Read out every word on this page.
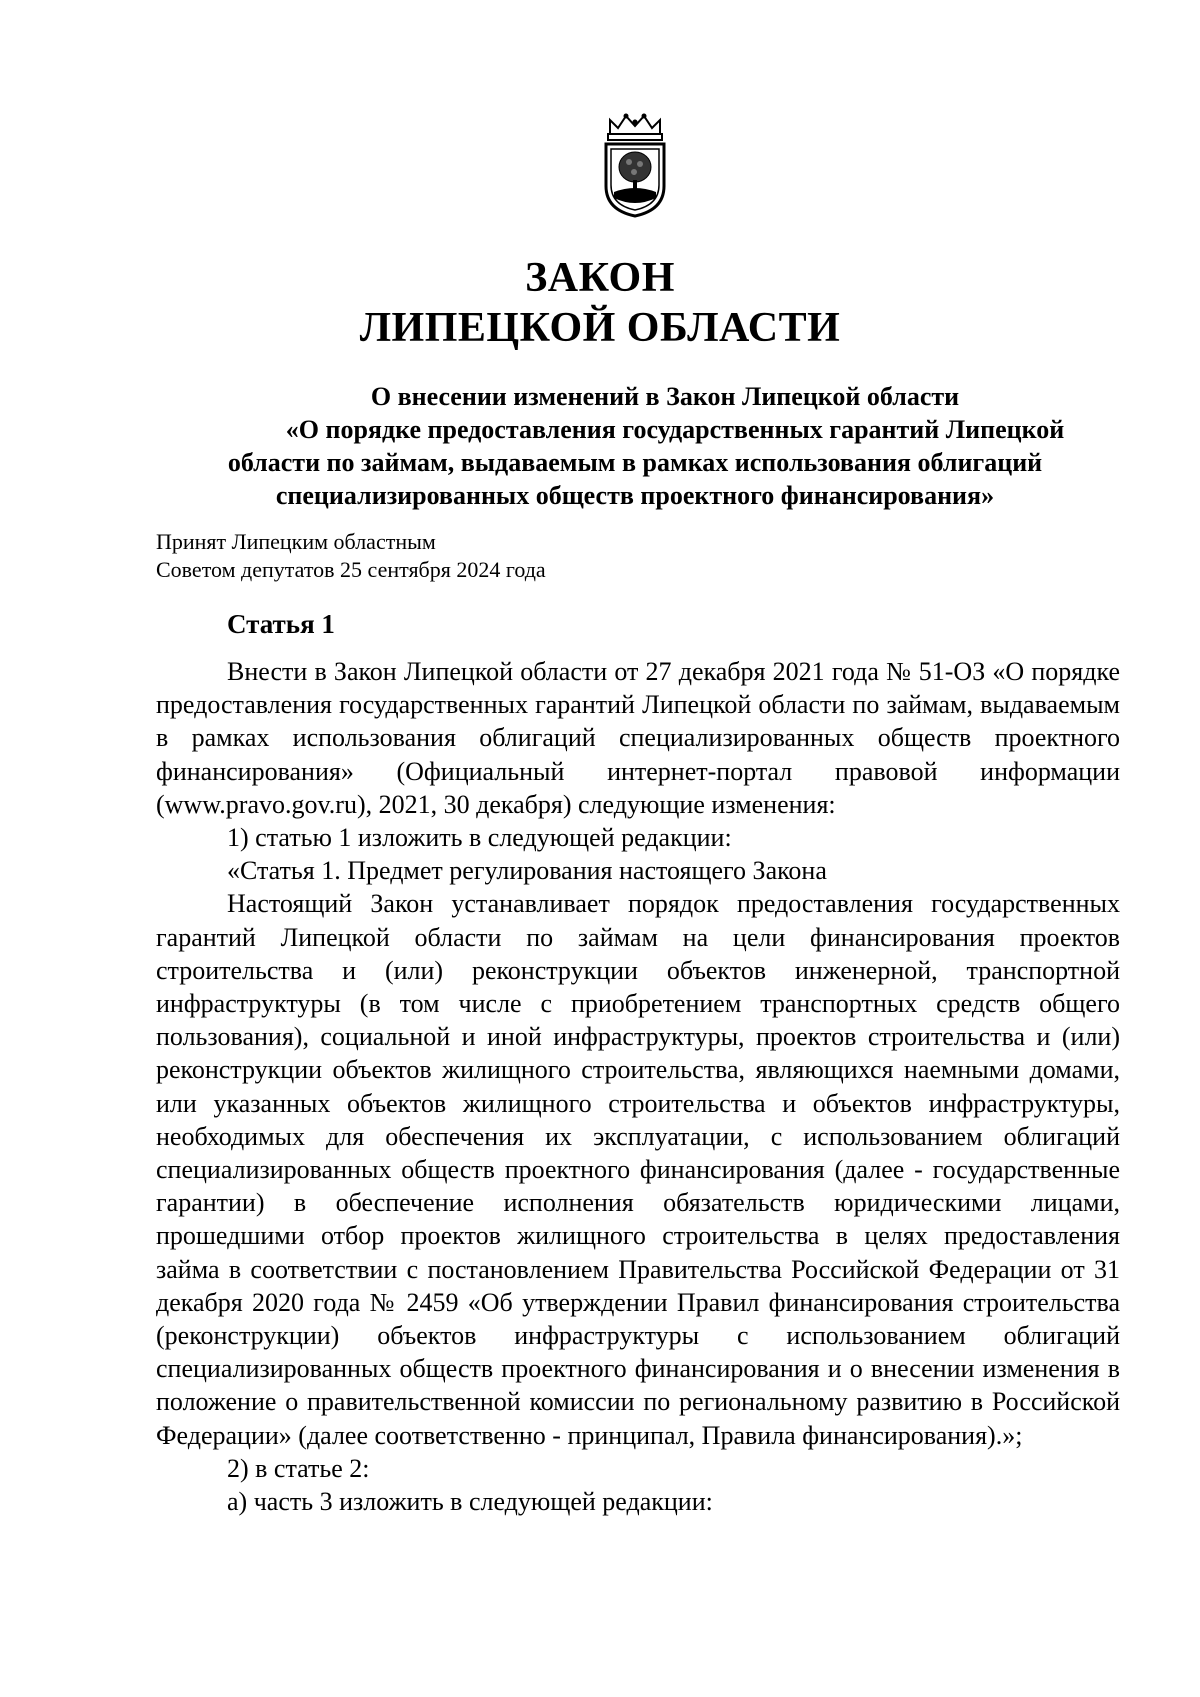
ЗАКОН
ЛИПЕЦКОЙ ОБЛАСТИ
О внесении изменений в Закон Липецкой области
«О порядке предоставления государственных гарантий Липецкой
области по займам, выдаваемым в рамках использования облигаций
специализированных обществ проектного финансирования»
Принят Липецким областным
Советом депутатов 25 сентября 2024 года
Статья 1

Внести в Закон Липецкой области от 27 декабря 2021 года № 51-ОЗ «О порядке предоставления государственных гарантий Липецкой области по займам, выдаваемым в рамках использования облигаций специализированных обществ проектного финансирования» (Официальный интернет-портал правовой информации (www.pravo.gov.ru), 2021, 30 декабря) следующие изменения:

1) статью 1 изложить в следующей редакции:

«Статья 1. Предмет регулирования настоящего Закона

Настоящий Закон устанавливает порядок предоставления государственных гарантий Липецкой области по займам на цели финансирования проектов строительства и (или) реконструкции объектов инженерной, транспортной инфраструктуры (в том числе с приобретением транспортных средств общего пользования), социальной и иной инфраструктуры, проектов строительства и (или) реконструкции объектов жилищного строительства, являющихся наемными домами, или указанных объектов жилищного строительства и объектов инфраструктуры, необходимых для обеспечения их эксплуатации, с использованием облигаций специализированных обществ проектного финансирования (далее - государственные гарантии) в обеспечение исполнения обязательств юридическими лицами, прошедшими отбор проектов жилищного строительства в целях предоставления займа в соответствии с постановлением Правительства Российской Федерации от 31 декабря 2020 года № 2459 «Об утверждении Правил финансирования строительства (реконструкции) объектов инфраструктуры с использованием облигаций специализированных обществ проектного финансирования и о внесении изменения в положение о правительственной комиссии по региональному развитию в Российской Федерации» (далее соответственно - принципал, Правила финансирования).»;

2) в статье 2:

а) часть 3 изложить в следующей редакции:
